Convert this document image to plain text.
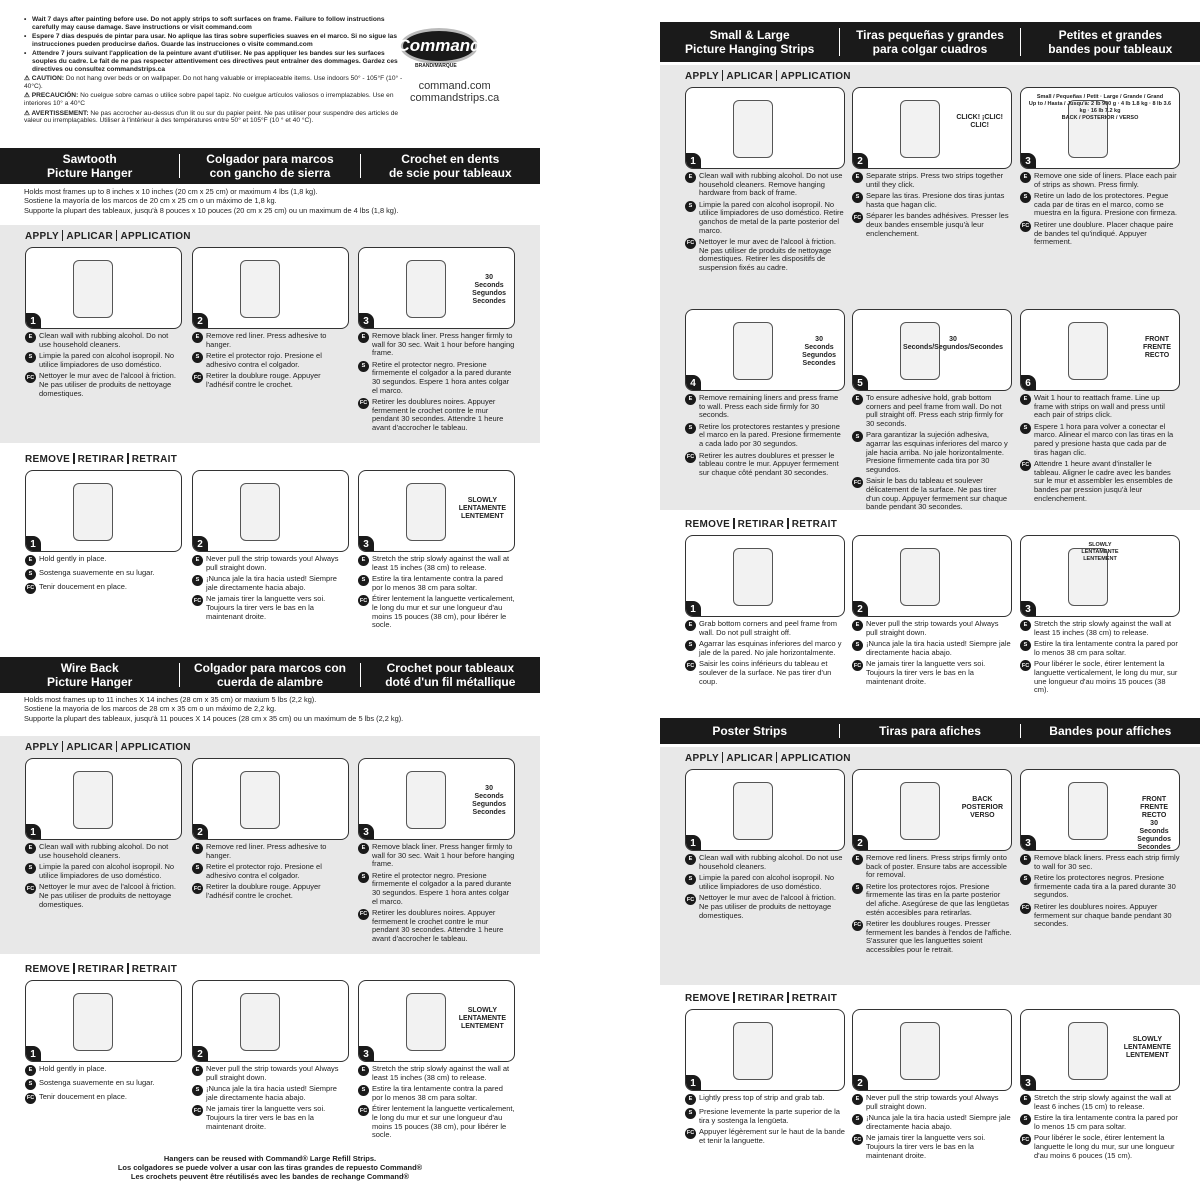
• Wait 7 days after painting before use. Do not apply strips to soft surfaces on frame. Failure to follow instructions carefully may cause damage. Save instructions or visit command.com
• Espere 7 días después de pintar para usar. No aplique las tiras sobre superficies suaves en el marco. Si no sigue las instrucciones pueden producirse daños. Guarde las instrucciones o visite command.com
• Attendre 7 jours suivant l'application de la peinture avant d'utiliser. Ne pas appliquer les bandes sur les surfaces souples du cadre. Le fait de ne pas respecter attentivement ces directives peut entraîner des dommages. Gardez ces directives ou consultez commandstrips.ca

⚠ CAUTION: Do not hang over beds or on wallpaper. Do not hang valuable or irreplaceable items. Use indoors 50° - 105°F (10° - 40°C).

⚠ PRECAUCIÓN: No cuelgue sobre camas o utilice sobre papel tapiz. No cuelgue artículos valiosos o irremplazables. Use en interiores 10° a 40°C

⚠ AVERTISSEMENT: Ne pas accrocher au-dessus d'un lit ou sur du papier peint. Ne pas utiliser pour suspendre des articles de valeur ou irremplaçables. Utiliser à l'intérieur à des températures entre 50° et 105°F (10 ° et 40 °C).

Command
BRAND/MARQUE
command.com
commandstrips.ca
Sawtooth
Picture Hanger
Colgador para marcos
con gancho de sierra
Crochet en dents
de scie pour tableaux
Holds most frames up to 8 inches x 10 inches (20 cm x 25 cm) or maximum 4 lbs (1,8 kg).
Sostiene la mayoría de los marcos de 20 cm x 25 cm o un máximo de 1,8 kg.
Supporte la plupart des tableaux, jusqu'à 8 pouces x 10 pouces (20 cm x 25 cm) ou un maximum de 4 lbs (1,8 kg).
APPLY APLICAR APPLICATION
1
E Clean wall with rubbing alcohol. Do not use household cleaners.
S Limpie la pared con alcohol isopropil. No utilice limpiadores de uso doméstico.
FC Nettoyer le mur avec de l'alcool à friction. Ne pas utiliser de produits de nettoyage domestiques.
2
E Remove red liner. Press adhesive to hanger.
S Retire el protector rojo. Presione el adhesivo contra el colgador.
FC Retirer la doublure rouge. Appuyer l'adhésif contre le crochet.
30
Seconds
Segundos
Secondes
3
E Remove black liner. Press hanger firmly to wall for 30 sec. Wait 1 hour before hanging frame.
S Retire el protector negro. Presione firmemente el colgador a la pared durante 30 segundos. Espere 1 hora antes colgar el marco.
FC Retirer les doublures noires. Appuyer fermement le crochet contre le mur pendant 30 secondes. Attendre 1 heure avant d'accrocher le tableau.
REMOVE RETIRAR RETRAIT
1
E Hold gently in place.
S Sostenga suavemente en su lugar.
FC Tenir doucement en place.
2
E Never pull the strip towards you! Always pull straight down.
S ¡Nunca jale la tira hacia usted! Siempre jale directamente hacia abajo.
FC Ne jamais tirer la languette vers soi. Toujours la tirer vers le bas en la maintenant droite.
SLOWLY
LENTAMENTE
LENTEMENT
3
E Stretch the strip slowly against the wall at least 15 inches (38 cm) to release.
S Estire la tira lentamente contra la pared por lo menos 38 cm para soltar.
FC Étirer lentement la languette verticalement, le long du mur et sur une longueur d'au moins 15 pouces (38 cm), pour libérer le socle.
Wire Back
Picture Hanger
Colgador para marcos con
cuerda de alambre
Crochet pour tableaux
doté d'un fil métallique
Holds most frames up to 11 inches X 14 inches (28 cm x 35 cm) or maxium 5 lbs (2,2 kg).
Sostiene la mayoria de los marcos de 28 cm x 35 cm o un máximo de 2,2 kg.
Supporte la plupart des tableaux, jusqu'à 11 pouces X 14 pouces (28 cm x 35 cm) ou un maximum de 5 lbs (2,2 kg).
APPLY APLICAR APPLICATION
1
E Clean wall with rubbing alcohol. Do not use household cleaners.
S Limpie la pared con alcohol isopropil. No utilice limpiadores de uso doméstico.
FC Nettoyer le mur avec de l'alcool à friction. Ne pas utiliser de produits de nettoyage domestiques.
2
E Remove red liner. Press adhesive to hanger.
S Retire el protector rojo. Presione el adhesivo contra el colgador.
FC Retirer la doublure rouge. Appuyer l'adhésif contre le crochet.
30
Seconds
Segundos
Secondes
3
E Remove black liner. Press hanger firmly to wall for 30 sec. Wait 1 hour before hanging frame.
S Retire el protector negro. Presione firmemente el colgador a la pared durante 30 segundos. Espere 1 hora antes colgar el marco.
FC Retirer les doublures noires. Appuyer fermement le crochet contre le mur pendant 30 secondes. Attendre 1 heure avant d'accrocher le tableau.
REMOVE RETIRAR RETRAIT
1
E Hold gently in place.
S Sostenga suavemente en su lugar.
FC Tenir doucement en place.
2
E Never pull the strip towards you! Always pull straight down.
S ¡Nunca jale la tira hacia usted! Siempre jale directamente hacia abajo.
FC Ne jamais tirer la languette vers soi. Toujours la tirer vers le bas en la maintenant droite.
SLOWLY
LENTAMENTE
LENTEMENT
3
E Stretch the strip slowly against the wall at least 15 inches (38 cm) to release.
S Estire la tira lentamente contra la pared por lo menos 38 cm para soltar.
FC Étirer lentement la languette verticalement, le long du mur et sur une longueur d'au moins 15 pouces (38 cm), pour libérer le socle.
Small & Large
Picture Hanging Strips
Tiras pequeñas y grandes
para colgar cuadros
Petites et grandes
bandes pour tableaux
APPLY APLICAR APPLICATION
1
E Clean wall with rubbing alcohol. Do not use household cleaners. Remove hanging hardware from back of frame.
S Limpie la pared con alcohol isopropil. No utilice limpiadores de uso doméstico. Retire ganchos de metal de la parte posterior del marco.
FC Nettoyer le mur avec de l'alcool à friction. Ne pas utiliser de produits de nettoyage domestiques. Retirer les dispositifs de suspension fixés au cadre.
CLICK! ¡CLIC!
CLIC!
2
E Separate strips. Press two strips together until they click.
S Separe las tiras. Presione dos tiras juntas hasta que hagan clic.
FC Séparer les bandes adhésives. Presser les deux bandes ensemble jusqu'à leur enclenchement.
Small / Pequeñas / Petit · Large / Grande / Grand
Up to / Hasta / Jusqu'à: 2 lb 900 g · 4 lb 1.8 kg · 8 lb 3.6 kg · 16 lb 7.2 kg
BACK / POSTERIOR / VERSO
3
E Remove one side of liners. Place each pair of strips as shown. Press firmly.
S Retire un lado de los protectores. Pegue cada par de tiras en el marco, como se muestra en la figura. Presione con firmeza.
FC Retirer une doublure. Placer chaque paire de bandes tel qu'indiqué. Appuyer fermement.
30
Seconds
Segundos
Secondes
4
E Remove remaining liners and press frame to wall. Press each side firmly for 30 seconds.
S Retire los protectores restantes y presione el marco en la pared. Presione firmemente a cada lado por 30 segundos.
FC Retirer les autres doublures et presser le tableau contre le mur. Appuyer fermement sur chaque côté pendant 30 secondes.
30
Seconds/Segundos/Secondes
5
E To ensure adhesive hold, grab bottom corners and peel frame from wall. Do not pull straight off. Press each strip firmly for 30 seconds.
S Para garantizar la sujeción adhesiva, agarrar las esquinas inferiores del marco y jale hacia arriba. No jale horizontalmente. Presione firmemente cada tira por 30 segundos.
FC Saisir le bas du tableau et soulever délicatement de la surface. Ne pas tirer d'un coup. Appuyer fermement sur chaque bande pendant 30 secondes.
FRONT
FRENTE
RECTO
6
E Wait 1 hour to reattach frame. Line up frame with strips on wall and press until each pair of strips click.
S Espere 1 hora para volver a conectar el marco. Alinear el marco con las tiras en la pared y presione hasta que cada par de tiras hagan clic.
FC Attendre 1 heure avant d'installer le tableau. Aligner le cadre avec les bandes sur le mur et assembler les ensembles de bandes par pression jusqu'à leur enclenchement.
REMOVE RETIRAR RETRAIT
1
E Grab bottom corners and peel frame from wall. Do not pull straight off.
S Agarrar las esquinas inferiores del marco y jale de la pared. No jale horizontalmente.
FC Saisir les coins inférieurs du tableau et soulever de la surface. Ne pas tirer d'un coup.
2
E Never pull the strip towards you! Always pull straight down.
S ¡Nunca jale la tira hacia usted! Siempre jale directamente hacia abajo.
FC Ne jamais tirer la languette vers soi. Toujours la tirer vers le bas en la maintenant droite.
SLOWLY
LENTAMENTE
LENTEMENT
3
E Stretch the strip slowly against the wall at least 15 inches (38 cm) to release.
S Estire la tira lentamente contra la pared por lo menos 38 cm para soltar.
FC Pour libérer le socle, étirer lentement la languette verticalement, le long du mur, sur une longueur d'au moins 15 pouces (38 cm).
Poster Strips	Tiras para afiches	Bandes pour affiches
APPLY APLICAR APPLICATION
1
E Clean wall with rubbing alcohol. Do not use household cleaners.
S Limpie la pared con alcohol isopropil. No utilice limpiadores de uso doméstico.
FC Nettoyer le mur avec de l'alcool à friction. Ne pas utiliser de produits de nettoyage domestiques.
BACK
POSTERIOR
VERSO
2
E Remove red liners. Press strips firmly onto back of poster. Ensure tabs are accessible for removal.
S Retire los protectores rojos. Presione firmemente las tiras en la parte posterior del afiche. Asegúrese de que las lengüetas estén accesibles para retirarlas.
FC Retirer les doublures rouges. Presser fermement les bandes à l'endos de l'affiche. S'assurer que les languettes soient accessibles pour le retrait.
FRONT
FRENTE
RECTO
30
Seconds
Segundos
Secondes
3
E Remove black liners. Press each strip firmly to wall for 30 sec.
S Retire los protectores negros. Presione firmemente cada tira a la pared durante 30 segundos.
FC Retirer les doublures noires. Appuyer fermement sur chaque bande pendant 30 secondes.
REMOVE RETIRAR RETRAIT
1
E Lightly press top of strip and grab tab.
S Presione levemente la parte superior de la tira y sostenga la lengüeta.
FC Appuyer légèrement sur le haut de la bande et tenir la languette.
2
E Never pull the strip towards you! Always pull straight down.
S ¡Nunca jale la tira hacia usted! Siempre jale directamente hacia abajo.
FC Ne jamais tirer la languette vers soi. Toujours la tirer vers le bas en la maintenant droite.
SLOWLY
LENTAMENTE
LENTEMENT
3
E Stretch the strip slowly against the wall at least 6 inches (15 cm) to release.
S Estire la tira lentamente contra la pared por lo menos 15 cm para soltar.
FC Pour libérer le socle, étirer lentement la languette le long du mur, sur une longueur d'au moins 6 pouces (15 cm).
Hangers can be reused with Command® Large Refill Strips.
Los colgadores se puede volver a usar con las tiras grandes de repuesto Command®
Les crochets peuvent être réutilisés avec les bandes de rechange Command®
